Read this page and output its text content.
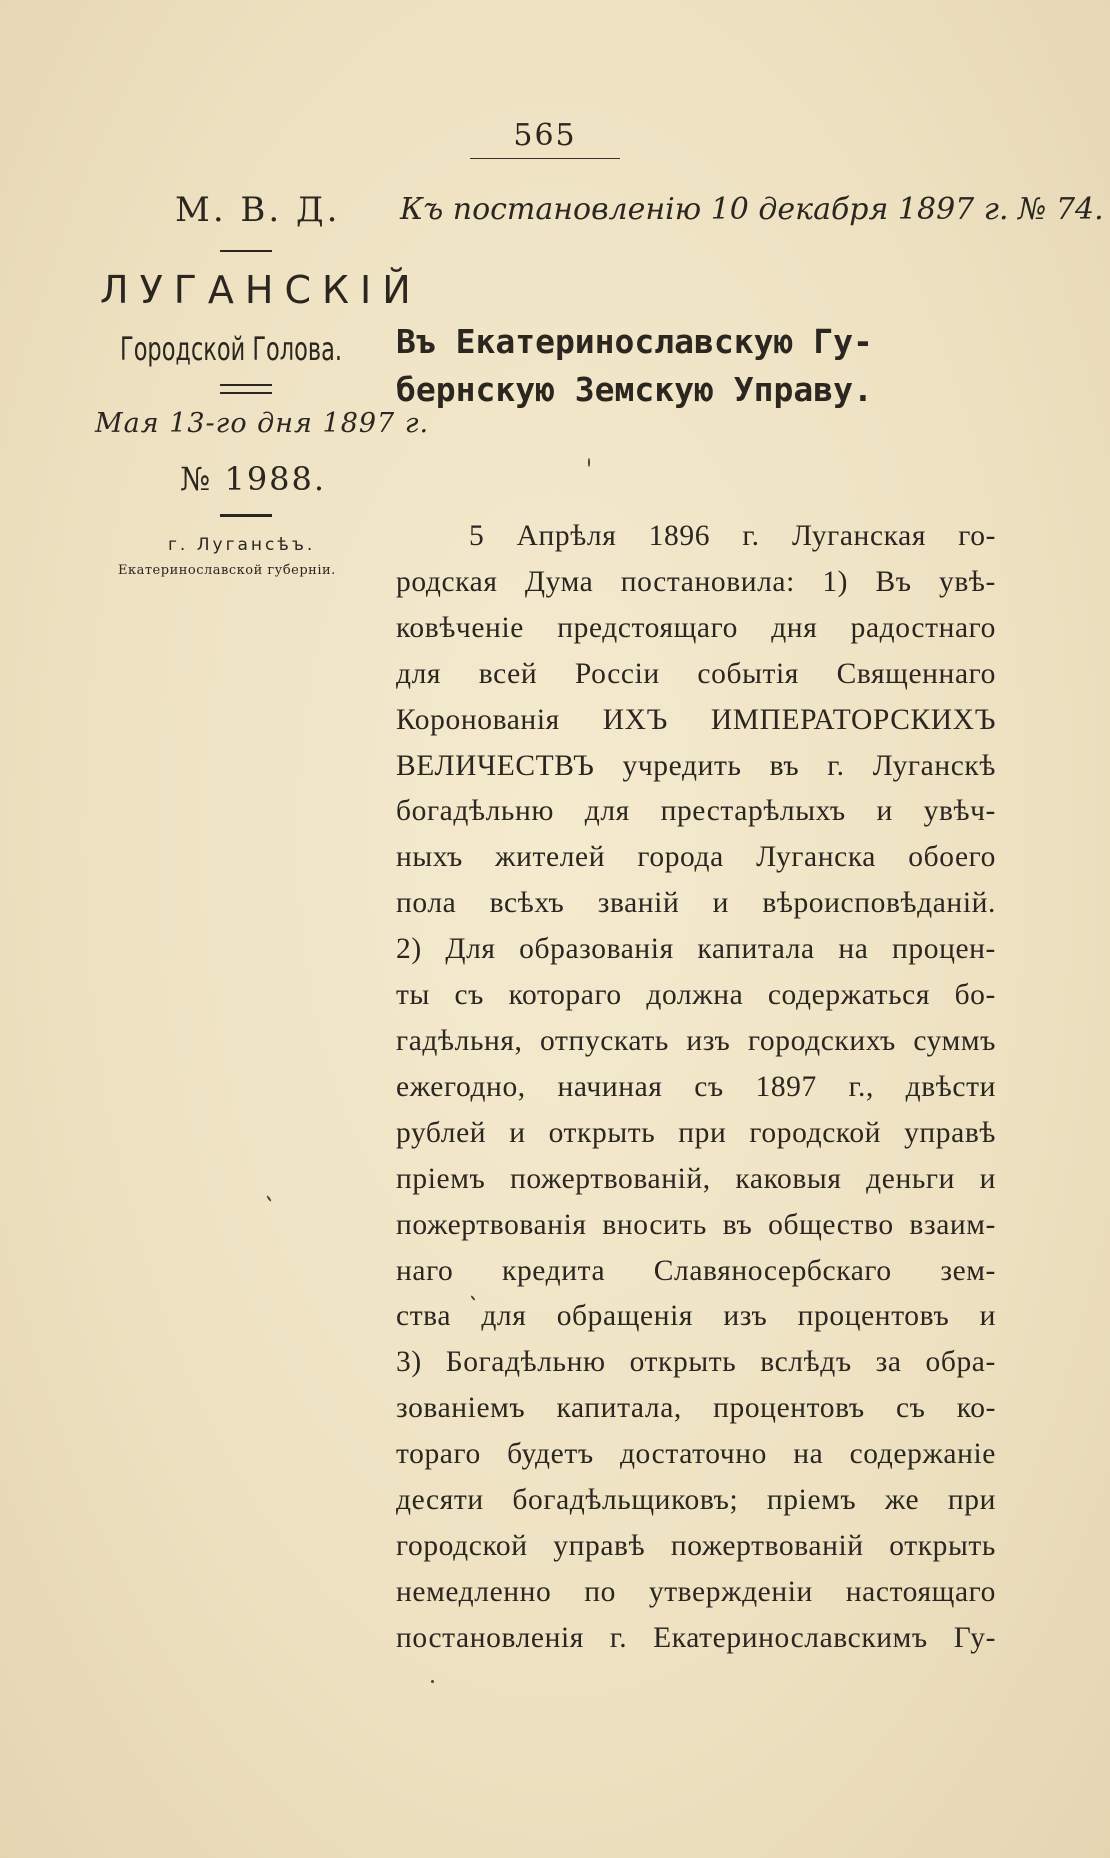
565
М. В. Д.
ЛУГАНСКІЙ
Городской Голова.
Мая 13-го дня 1897 г.
№ 1988.
г. Лугансѣъ.
Екатеринославской губерніи.
Къ постановленію 10 декабря 1897 г. № 74.
Въ Екатеринославскую Гу-
бернскую Земскую Управу.
5 Апрѣля 1896 г. Луганская го-
родская Дума постановила: 1) Въ увѣ-
ковѣченіе предстоящаго дня радостнаго
для всей Россіи событія Священнаго
Коронованія ИХЪ ИМПЕРАТОРСКИХЪ
ВЕЛИЧЕСТВЪ учредить въ г. Луганскѣ
богадѣльню для престарѣлыхъ и увѣч-
ныхъ жителей города Луганска обоего
пола всѣхъ званій и вѣроисповѣданій.
2) Для образованія капитала на процен-
ты съ котораго должна содержаться бо-
гадѣльня, отпускать изъ городскихъ суммъ
ежегодно, начиная съ 1897 г., двѣсти
рублей и открыть при городской управѣ
пріемъ пожертвованій, каковыя деньги и
пожертвованія вносить въ общество взаим-
наго кредита Славяносербскаго зем-
ства для обращенія изъ процентовъ и
3) Богадѣльню открыть вслѣдъ за обра-
зованіемъ капитала, процентовъ съ ко-
тораго будетъ достаточно на содержаніе
десяти богадѣльщиковъ; пріемъ же при
городской управѣ пожертвованій открыть
немедленно по утвержденіи настоящаго
постановленія г. Екатеринославскимъ Гу-
